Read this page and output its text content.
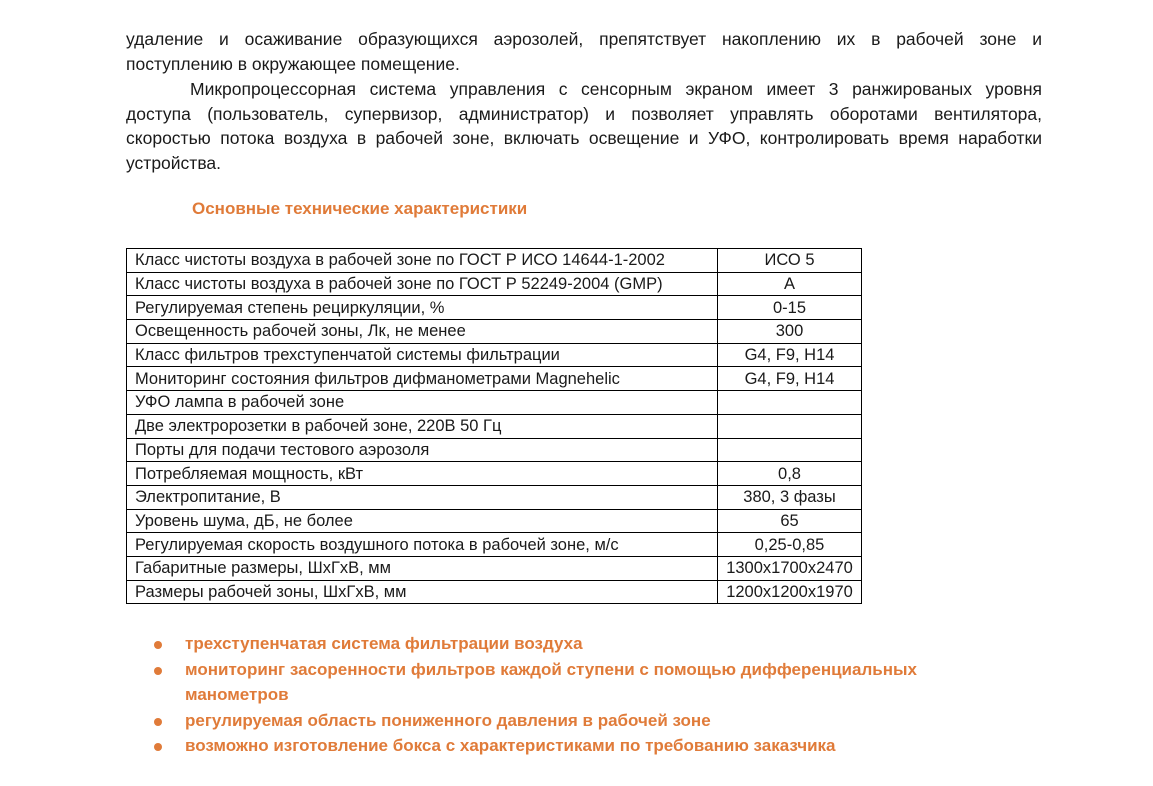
удаление и осаживание образующихся аэрозолей, препятствует накоплению их в рабочей зоне и
поступлению в окружающее помещение.
Микропроцессорная система управления с сенсорным экраном имеет 3 ранжированых уровня
доступа (пользователь, супервизор, администратор) и позволяет управлять оборотами вентилятора,
скоростью потока воздуха в рабочей зоне, включать освещение и УФО, контролировать время наработки
устройства.
Основные технические характеристики
Класс чистоты воздуха в рабочей зоне по ГОСТ Р ИСО 14644-1-2002	ИСО 5
Класс чистоты воздуха в рабочей зоне по ГОСТ Р 52249-2004 (GMP)	A
Регулируемая степень рециркуляции, %	0-15
Освещенность рабочей зоны, Лк, не менее	300
Класс фильтров трехступенчатой системы фильтрации	G4, F9, H14
Мониторинг состояния фильтров дифманометрами Magnehelic	G4, F9, H14
УФО лампа в рабочей зоне	
Две электророзетки в рабочей зоне, 220В 50 Гц	
Порты для подачи тестового аэрозоля	
Потребляемая мощность, кВт	0,8
Электропитание, В	380, 3 фазы
Уровень шума, дБ, не более	65
Регулируемая скорость воздушного потока в рабочей зоне, м/с	0,25-0,85
Габаритные размеры, ШхГхВ, мм	1300х1700х2470
Размеры рабочей зоны, ШхГхВ, мм	1200х1200х1970
трехступенчатая система фильтрации воздуха
мониторинг засоренности фильтров каждой ступени с помощью дифференциальных
манометров
регулируемая область пониженного давления в рабочей зоне
возможно изготовление бокса с характеристиками по требованию заказчика
